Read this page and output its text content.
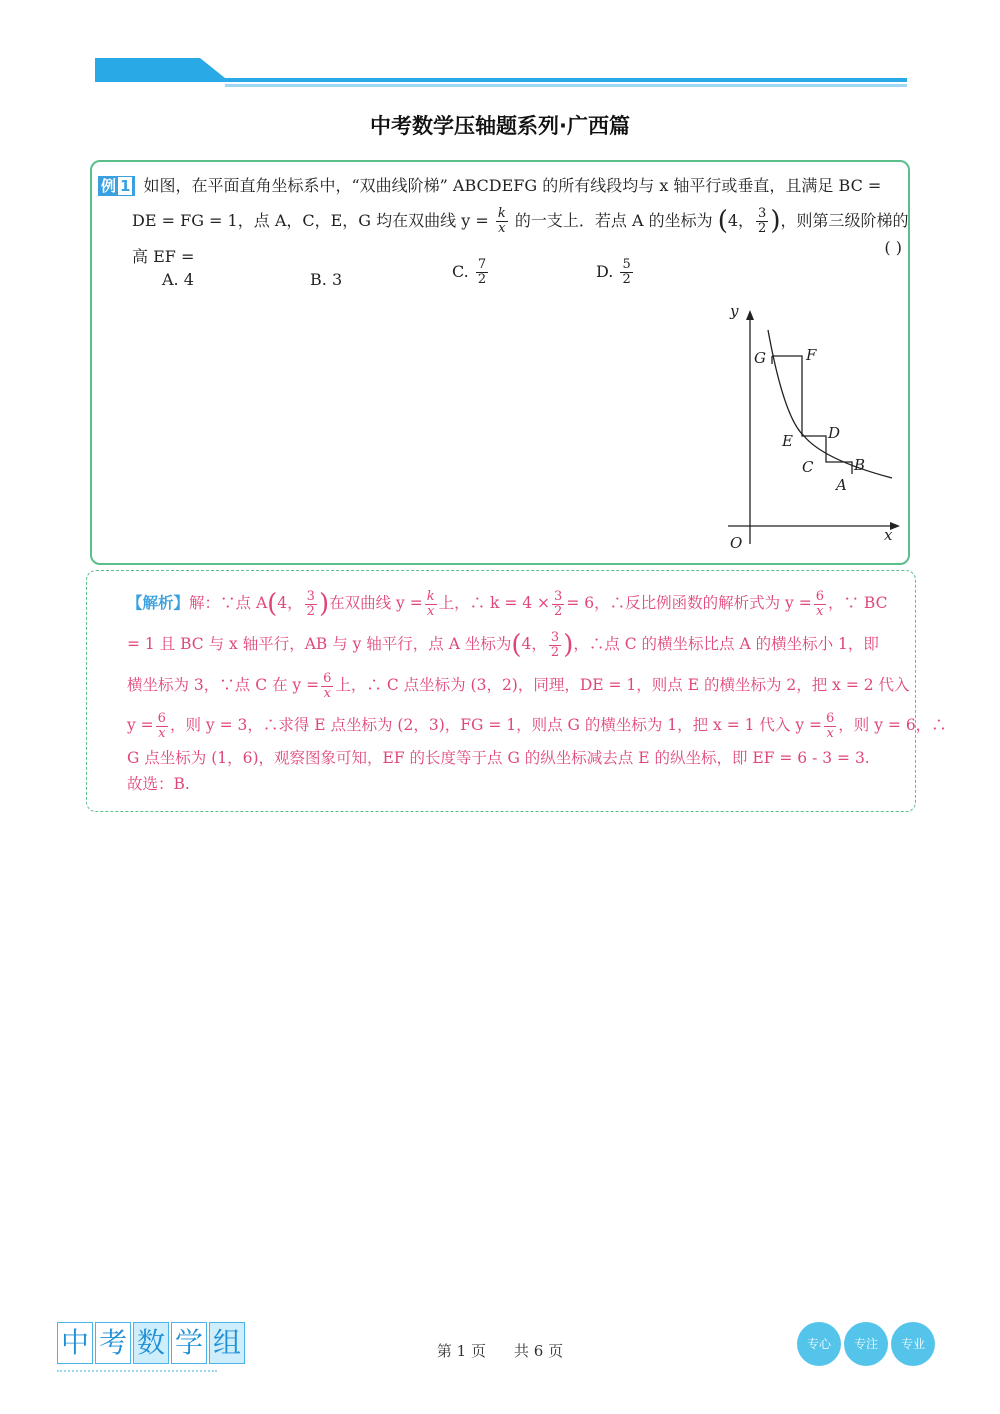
中考数学压轴题系列·广西篇
例 1 如图，在平面直角坐标系中，“双曲线阶梯” ABCDEFG 的所有线段均与 x 轴平行或垂直，且满足 BC =
DE = FG = 1，点 A，C，E，G 均在双曲线 $y = \frac{k}{x}$ 的一支上．若点 A 的坐标为 (4， $\frac{3}{2}$ )，则第三级阶梯的
高 EF =	( )
A. 4	B. 3	C. $\frac{7}{2}$	D. $\frac{5}{2}$
y
x
O
G	F
E D
C	B
A
【解析】解：∵点 A(4， $\frac{3}{2}$ )在双曲线 $y = \frac{k}{x}$ 上，∴ $k = 4 \times \frac{3}{2} = 6$，∴反比例函数的解析式为 $y = \frac{6}{x}$ ，∵ BC
= 1 且 BC 与 x 轴平行，AB 与 y 轴平行，点 A 坐标为(4， $\frac{3}{2}$ )，∴点 C 的横坐标比点 A 的横坐标小 1，即
横坐标为 3，∵点 C 在 $y = \frac{6}{x}$ 上，∴ C 点坐标为 (3，2)，同理，DE = 1，则点 E 的横坐标为 2，把 x = 2 代入
$y = \frac{6}{x}$ ，则 y = 3，∴求得 E 点坐标为 (2，3)，FG = 1，则点 G 的横坐标为 1，把 x = 1 代入 $y = \frac{6}{x}$ ，则 y = 6，∴
G 点坐标为 (1，6)，观察图象可知，EF 的长度等于点 G 的纵坐标减去点 E 的纵坐标，即 EF = 6 - 3 = 3.
故选：B.
中 考 数 学 组	第 1 页 共 6 页	专心 专注 专业
